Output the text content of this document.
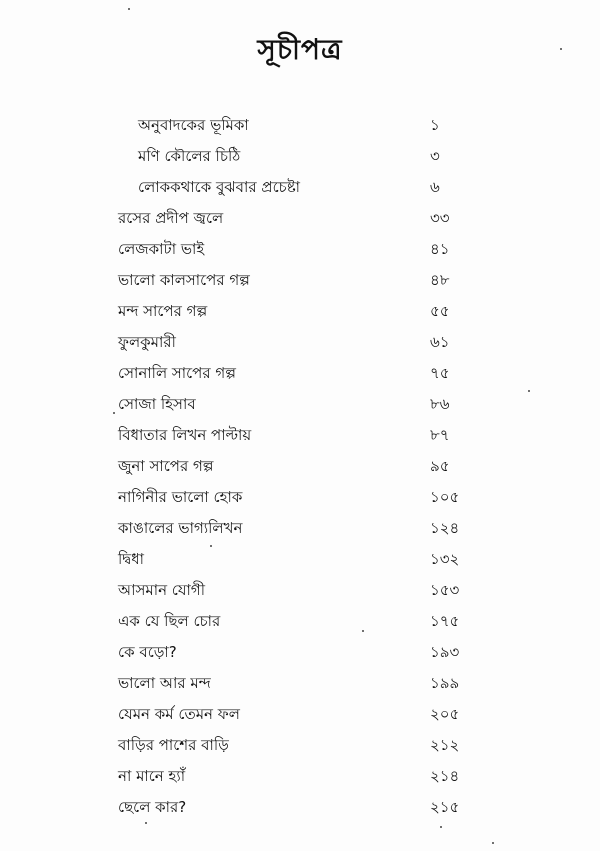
সূচীপত্র
অনুবাদকের ভূমিকা	১
মণি কৌলের চিঠি	৩
লোককথাকে বুঝবার প্রচেষ্টা	৬
রসের প্রদীপ জ্বলে	৩৩
লেজকাটা ভাই	৪১
ভালো কালসাপের গল্প	৪৮
মন্দ সাপের গল্প	৫৫
ফুলকুমারী	৬১
সোনালি সাপের গল্প	৭৫
সোজা হিসাব	৮৬
বিধাতার লিখন পাল্টায়	৮৭
জুনা সাপের গল্প	৯৫
নাগিনীর ভালো হোক	১০৫
কাঙালের ভাগ্যলিখন	১২৪
দ্বিধা	১৩২
আসমান যোগী	১৫৩
এক যে ছিল চোর	১৭৫
কে বড়ো?	১৯৩
ভালো আর মন্দ	১৯৯
যেমন কর্ম তেমন ফল	২০৫
বাড়ির পাশের বাড়ি	২১২
না মানে হ্যাঁ	২১৪
ছেলে কার?	২১৫
